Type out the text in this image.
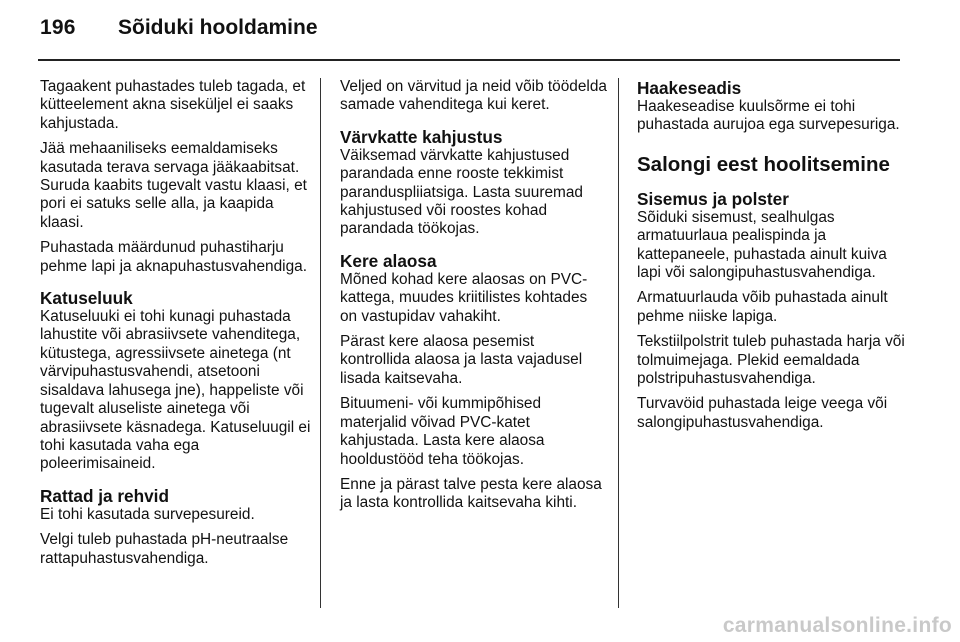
196 Sõiduki hooldamine

Tagaakent puhastades tuleb tagada, et kütteelement akna siseküljel ei saaks kahjustada.

Jää mehaaniliseks eemaldamiseks kasutada terava servaga jääkaabitsat. Suruda kaabits tugevalt vastu klaasi, et pori ei satuks selle alla, ja kaapida klaasi.

Puhastada määrdunud puhastiharju pehme lapi ja aknapuhastusvahendiga.

Katuseluuk

Katuseluuki ei tohi kunagi puhastada lahustite või abrasiivsete vahenditega, kütustega, agressiivsete ainetega (nt värvipuhastusvahendi, atsetooni sisaldava lahusega jne), happeliste või tugevalt aluseliste ainetega või abrasiivsete käsnadega. Katuseluugil ei tohi kasutada vaha ega poleerimisaineid.

Rattad ja rehvid

Ei tohi kasutada survepesureid.

Velgi tuleb puhastada pH-neutraalse rattapuhastusvahendiga.

Veljed on värvitud ja neid võib töödelda samade vahenditega kui keret.

Värvkatte kahjustus

Väiksemad värvkatte kahjustused parandada enne rooste tekkimist paranduspliiatsiga. Lasta suuremad kahjustused või roostes kohad parandada töökojas.

Kere alaosa

Mõned kohad kere alaosas on PVC-kattega, muudes kriitilistes kohtades on vastupidav vahakiht.

Pärast kere alaosa pesemist kontrollida alaosa ja lasta vajadusel lisada kaitsevaha.

Bituumeni- või kummipõhised materjalid võivad PVC-katet kahjustada. Lasta kere alaosa hooldustööd teha töökojas.

Enne ja pärast talve pesta kere alaosa ja lasta kontrollida kaitsevaha kihti.

Haakeseadis

Haakeseadise kuulsõrme ei tohi puhastada aurujoa ega survepesuriga.

Salongi eest hoolitsemine
Sisemus ja polster

Sõiduki sisemust, sealhulgas armatuurlaua pealispinda ja kattepaneele, puhastada ainult kuiva lapi või salongipuhastusvahendiga.

Armatuurlauda võib puhastada ainult pehme niiske lapiga.

Tekstiilpolstrit tuleb puhastada harja või tolmuimejaga. Plekid eemaldada polstripuhastusvahendiga.

Turvavöid puhastada leige veega või salongipuhastusvahendiga.

carmanualsonline.info
